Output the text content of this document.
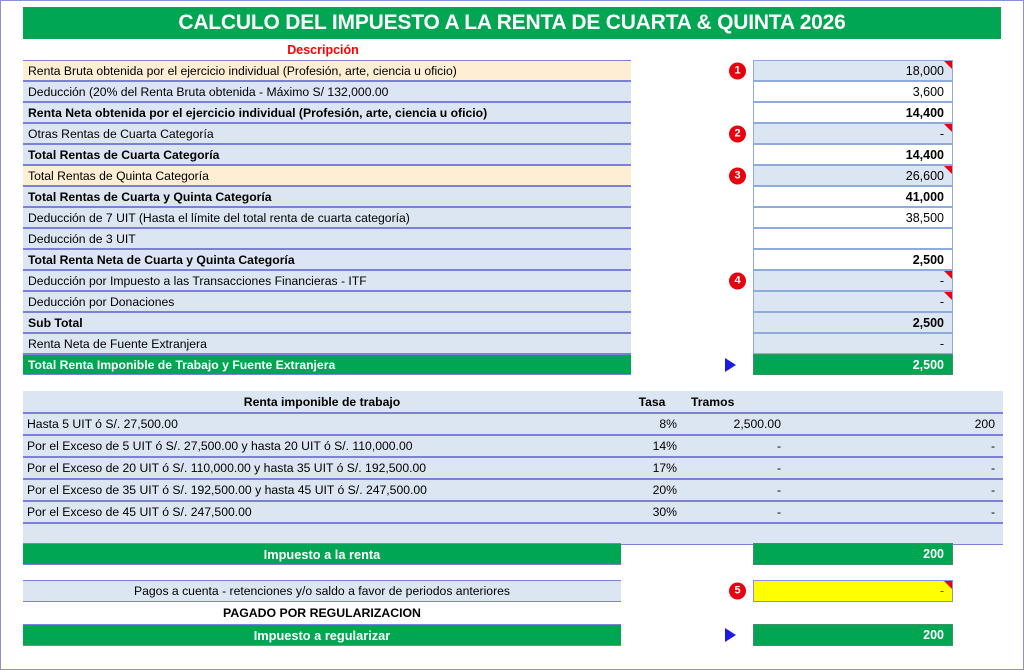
CALCULO DEL IMPUESTO A LA RENTA DE CUARTA & QUINTA 2026
Descripción
Renta Bruta obtenida por el ejercicio individual (Profesión, arte, ciencia u oficio)	1	18,000
Deducción (20% del Renta Bruta obtenida - Máximo S/ 132,000.00	3,600
Renta Neta obtenida por el ejercicio individual (Profesión, arte, ciencia u oficio)	14,400
Otras Rentas de Cuarta Categoría	2	-
Total Rentas de Cuarta Categoría	14,400
Total Rentas de Quinta Categoría	3	26,600
Total Rentas de Cuarta y Quinta Categoría	41,000
Deducción de 7 UIT (Hasta el límite del total renta de cuarta categoría)	38,500
Deducción de 3 UIT
Total Renta Neta de Cuarta y Quinta Categoría	2,500
Deducción por Impuesto a las Transacciones Financieras - ITF	4	-
Deducción por Donaciones	-
Sub Total	2,500
Renta Neta de Fuente Extranjera	-
Total Renta Imponible de Trabajo y Fuente Extranjera	2,500
Renta imponible de trabajo	Tasa	Tramos
Hasta 5 UIT ó S/. 27,500.00	8%	2,500.00	200
Por el Exceso de 5 UIT ó S/. 27,500.00 y hasta 20 UIT ó S/. 110,000.00	14%	-	-
Por el Exceso de 20 UIT ó S/. 110,000.00 y hasta 35 UIT ó S/. 192,500.00	17%	-	-
Por el Exceso de 35 UIT ó S/. 192,500.00 y hasta 45 UIT ó S/. 247,500.00	20%	-	-
Por el Exceso de 45 UIT ó S/. 247,500.00	30%	-	-
Impuesto a la renta	200
Pagos a cuenta - retenciones y/o saldo a favor de periodos anteriores	5	-
PAGADO POR REGULARIZACION
Impuesto a regularizar	200
